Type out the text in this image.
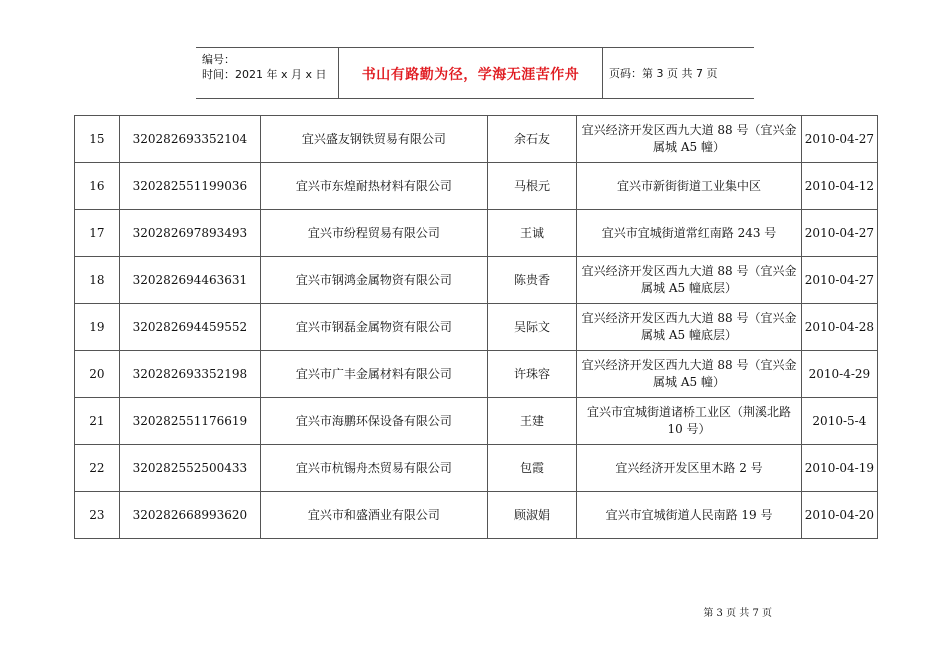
编号：
时间：2021 年 x 月 x 日	书山有路勤为径，学海无涯苦作舟	页码：第 3 页 共 7 页
15	320282693352104	宜兴盛友钢铁贸易有限公司	余石友	宜兴经济开发区西九大道 88 号（宜兴金属城 A5 幢）	2010-04-27
16	320282551199036	宜兴市东煌耐热材料有限公司	马根元	宜兴市新街街道工业集中区	2010-04-12
17	320282697893493	宜兴市纷程贸易有限公司	王诚	宜兴市宜城街道常红南路 243 号	2010-04-27
18	320282694463631	宜兴市钢鸿金属物资有限公司	陈贵香	宜兴经济开发区西九大道 88 号（宜兴金属城 A5 幢底层）	2010-04-27
19	320282694459552	宜兴市钢磊金属物资有限公司	吴际文	宜兴经济开发区西九大道 88 号（宜兴金属城 A5 幢底层）	2010-04-28
20	320282693352198	宜兴市广丰金属材料有限公司	许珠容	宜兴经济开发区西九大道 88 号（宜兴金属城 A5 幢）	2010-4-29
21	320282551176619	宜兴市海鹏环保设备有限公司	王建	宜兴市宜城街道诸桥工业区（荆溪北路 10 号）	2010-5-4
22	320282552500433	宜兴市杭锡舟杰贸易有限公司	包霞	宜兴经济开发区里木路 2 号	2010-04-19
23	320282668993620	宜兴市和盛酒业有限公司	顾淑娟	宜兴市宜城街道人民南路 19 号	2010-04-20
第 3 页 共 7 页
